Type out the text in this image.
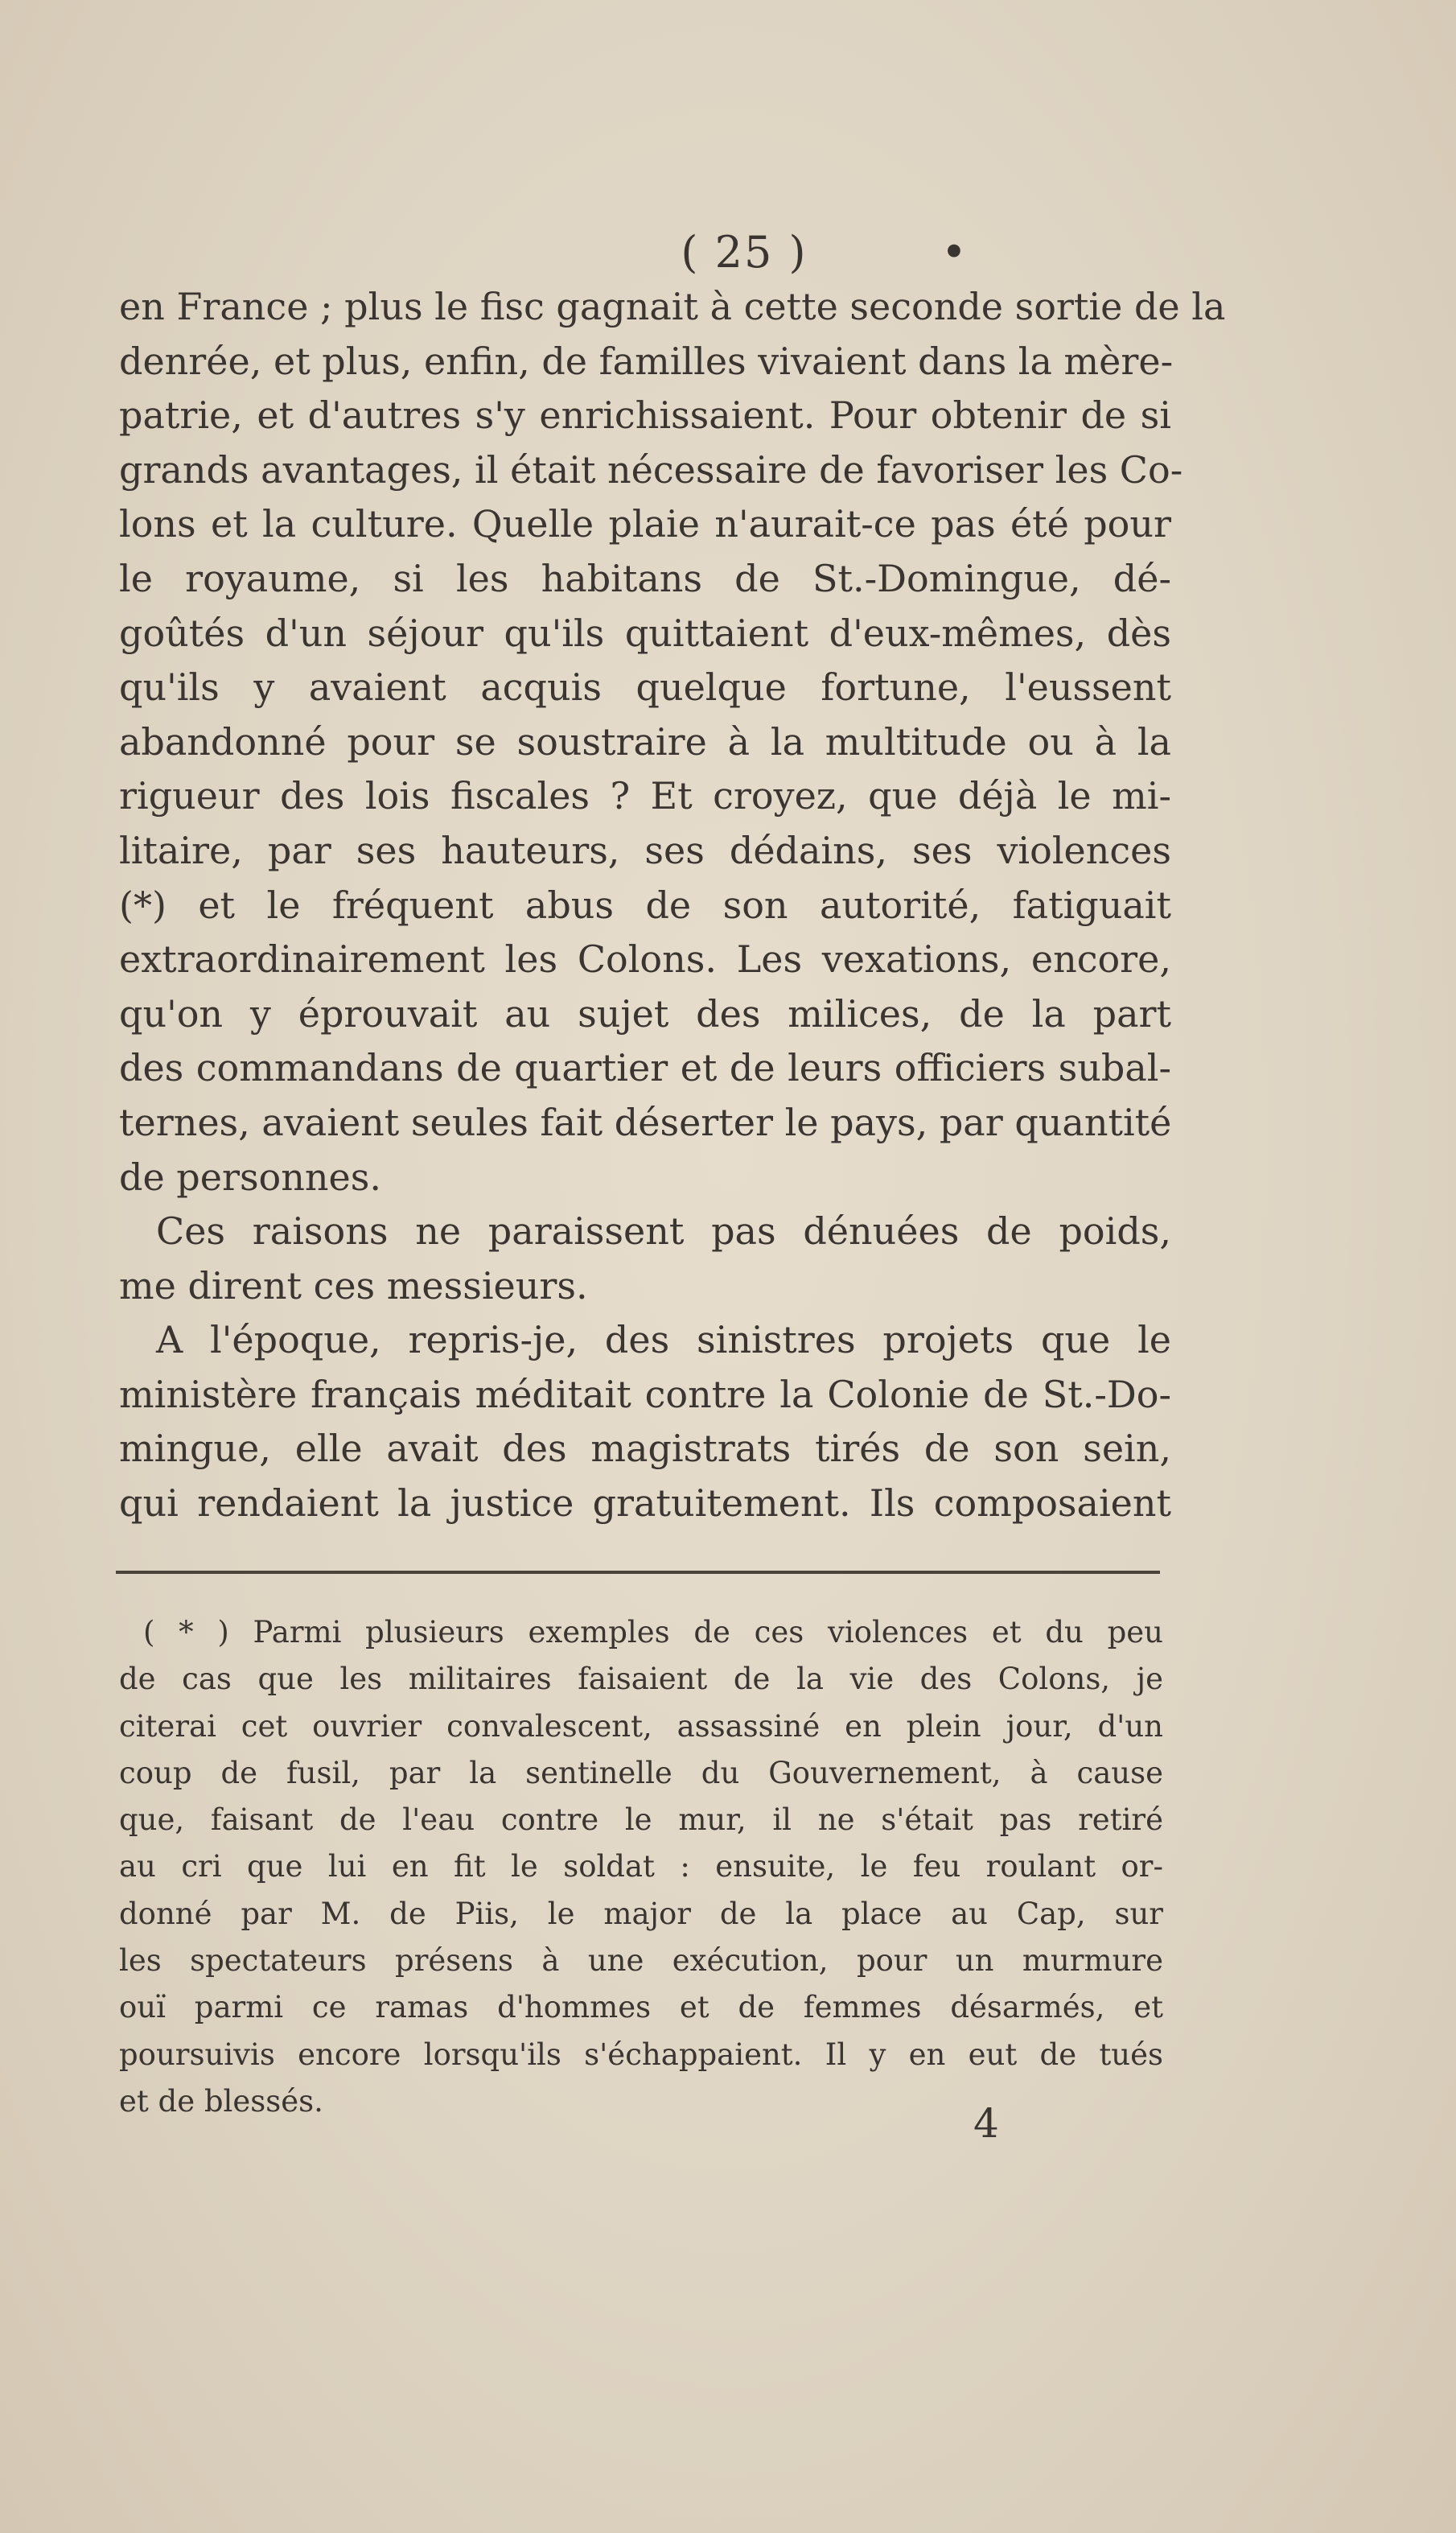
( 25 )	•
en France ; plus le fisc gagnait à cette seconde sortie de la
denrée, et plus, enfin, de familles vivaient dans la mère-
patrie, et d'autres s'y enrichissaient. Pour obtenir de si
grands avantages, il était nécessaire de favoriser les Co-
lons et la culture. Quelle plaie n'aurait-ce pas été pour
le royaume, si les habitans de St.-Domingue, dé-
goûtés d'un séjour qu'ils quittaient d'eux-mêmes, dès
qu'ils y avaient acquis quelque fortune, l'eussent
abandonné pour se soustraire à la multitude ou à la
rigueur des lois fiscales ? Et croyez, que déjà le mi-
litaire, par ses hauteurs, ses dédains, ses violences
(*) et le fréquent abus de son autorité, fatiguait
extraordinairement les Colons. Les vexations, encore,
qu'on y éprouvait au sujet des milices, de la part
des commandans de quartier et de leurs officiers subal-
ternes, avaient seules fait déserter le pays, par quantité
de personnes.
Ces raisons ne paraissent pas dénuées de poids,
me dirent ces messieurs.
A l'époque, repris-je, des sinistres projets que le
ministère français méditait contre la Colonie de St.-Do-
mingue, elle avait des magistrats tirés de son sein,
qui rendaient la justice gratuitement. Ils composaient
( * ) Parmi plusieurs exemples de ces violences et du peu
de cas que les militaires faisaient de la vie des Colons, je
citerai cet ouvrier convalescent, assassiné en plein jour, d'un
coup de fusil, par la sentinelle du Gouvernement, à cause
que, faisant de l'eau contre le mur, il ne s'était pas retiré
au cri que lui en fit le soldat : ensuite, le feu roulant or-
donné par M. de Piis, le major de la place au Cap, sur
les spectateurs présens à une exécution, pour un murmure
ouï parmi ce ramas d'hommes et de femmes désarmés, et
poursuivis encore lorsqu'ils s'échappaient. Il y en eut de tués
et de blessés.	4
